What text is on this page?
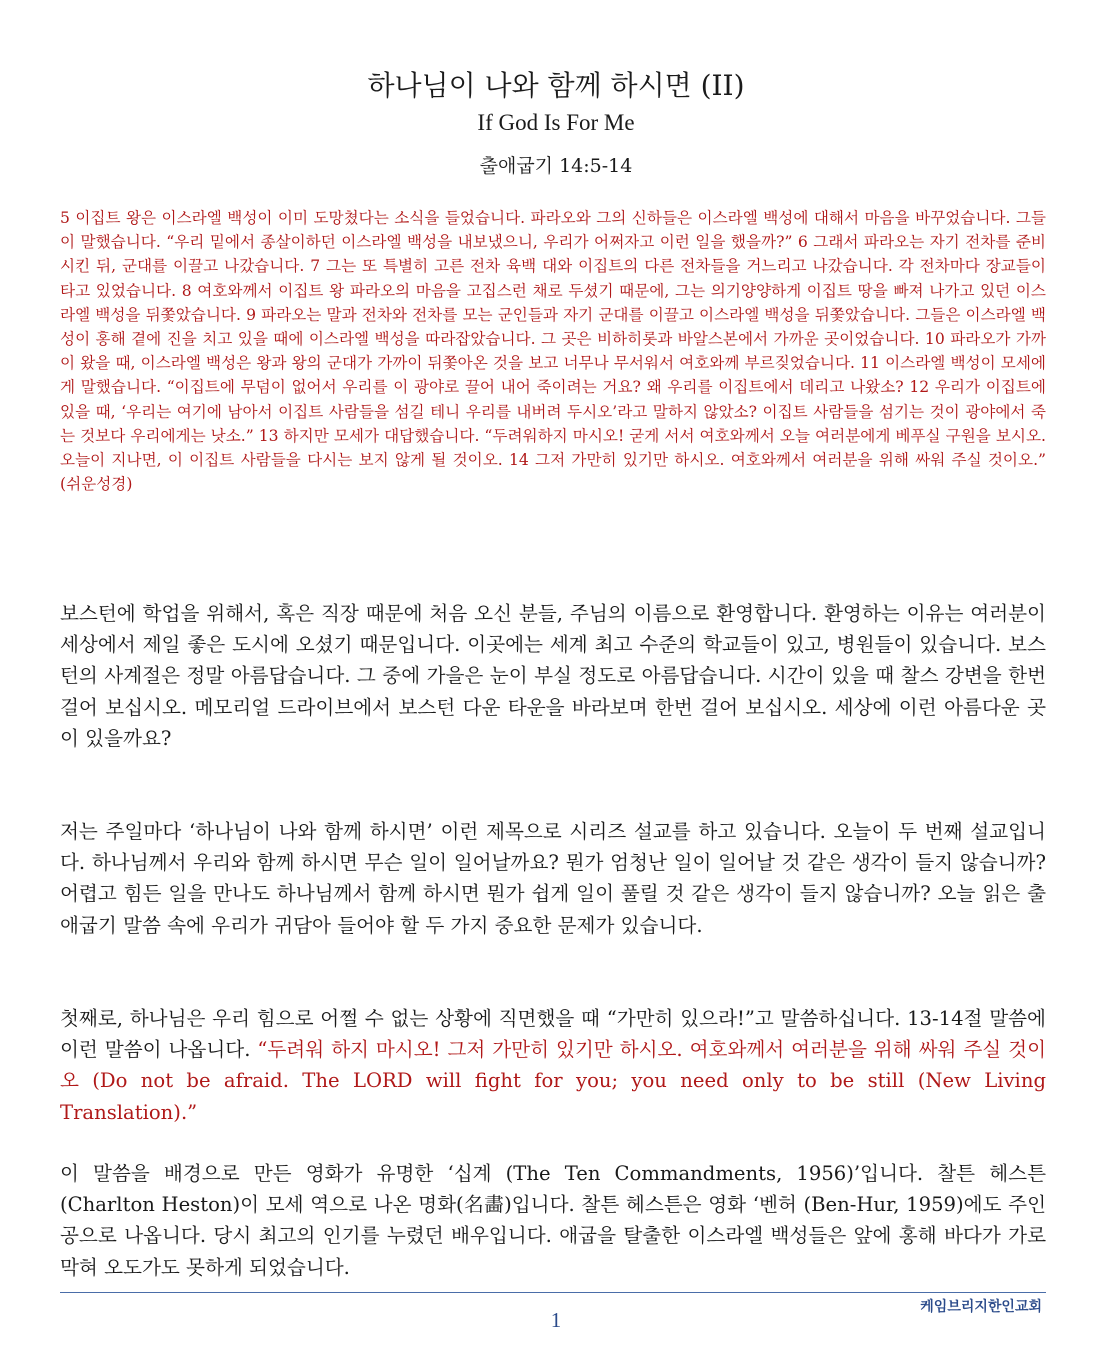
하나님이 나와 함께 하시면 (II)
If God Is For Me
출애굽기 14:5-14

5 이집트 왕은 이스라엘 백성이 이미 도망쳤다는 소식을 들었습니다. 파라오와 그의 신하들은 이스라엘 백성에 대해서 마음을 바꾸었습니다. 그들이 말했습니다. “우리 밑에서 종살이하던 이스라엘 백성을 내보냈으니, 우리가 어쩌자고 이런 일을 했을까?” 6 그래서 파라오는 자기 전차를 준비시킨 뒤, 군대를 이끌고 나갔습니다. 7 그는 또 특별히 고른 전차 육백 대와 이집트의 다른 전차들을 거느리고 나갔습니다. 각 전차마다 장교들이 타고 있었습니다. 8 여호와께서 이집트 왕 파라오의 마음을 고집스런 채로 두셨기 때문에, 그는 의기양양하게 이집트 땅을 빠져 나가고 있던 이스라엘 백성을 뒤쫓았습니다. 9 파라오는 말과 전차와 전차를 모는 군인들과 자기 군대를 이끌고 이스라엘 백성을 뒤쫓았습니다. 그들은 이스라엘 백성이 홍해 곁에 진을 치고 있을 때에 이스라엘 백성을 따라잡았습니다. 그 곳은 비하히롯과 바알스본에서 가까운 곳이었습니다. 10 파라오가 가까이 왔을 때, 이스라엘 백성은 왕과 왕의 군대가 가까이 뒤쫓아온 것을 보고 너무나 무서워서 여호와께 부르짖었습니다. 11 이스라엘 백성이 모세에게 말했습니다. “이집트에 무덤이 없어서 우리를 이 광야로 끌어 내어 죽이려는 거요? 왜 우리를 이집트에서 데리고 나왔소? 12 우리가 이집트에 있을 때, ‘우리는 여기에 남아서 이집트 사람들을 섬길 테니 우리를 내버려 두시오’라고 말하지 않았소? 이집트 사람들을 섬기는 것이 광야에서 죽는 것보다 우리에게는 낫소.” 13 하지만 모세가 대답했습니다. “두려워하지 마시오! 굳게 서서 여호와께서 오늘 여러분에게 베푸실 구원을 보시오. 오늘이 지나면, 이 이집트 사람들을 다시는 보지 않게 될 것이오. 14 그저 가만히 있기만 하시오. 여호와께서 여러분을 위해 싸워 주실 것이오.” (쉬운성경)

보스턴에 학업을 위해서, 혹은 직장 때문에 처음 오신 분들, 주님의 이름으로 환영합니다. 환영하는 이유는 여러분이 세상에서 제일 좋은 도시에 오셨기 때문입니다. 이곳에는 세계 최고 수준의 학교들이 있고, 병원들이 있습니다. 보스턴의 사계절은 정말 아름답습니다. 그 중에 가을은 눈이 부실 정도로 아름답습니다. 시간이 있을 때 찰스 강변을 한번 걸어 보십시오. 메모리얼 드라이브에서 보스턴 다운 타운을 바라보며 한번 걸어 보십시오. 세상에 이런 아름다운 곳이 있을까요?

저는 주일마다 ‘하나님이 나와 함께 하시면’ 이런 제목으로 시리즈 설교를 하고 있습니다. 오늘이 두 번째 설교입니다. 하나님께서 우리와 함께 하시면 무슨 일이 일어날까요? 뭔가 엄청난 일이 일어날 것 같은 생각이 들지 않습니까? 어렵고 힘든 일을 만나도 하나님께서 함께 하시면 뭔가 쉽게 일이 풀릴 것 같은 생각이 들지 않습니까? 오늘 읽은 출애굽기 말씀 속에 우리가 귀담아 들어야 할 두 가지 중요한 문제가 있습니다.

첫째로, 하나님은 우리 힘으로 어쩔 수 없는 상황에 직면했을 때 “가만히 있으라!”고 말씀하십니다. 13-14절 말씀에 이런 말씀이 나옵니다. “두려워 하지 마시오! 그저 가만히 있기만 하시오. 여호와께서 여러분을 위해 싸워 주실 것이오 (Do not be afraid. The LORD will fight for you; you need only to be still (New Living Translation).”

이 말씀을 배경으로 만든 영화가 유명한 ‘십계 (The Ten Commandments, 1956)’입니다. 찰튼 헤스튼 (Charlton Heston)이 모세 역으로 나온 명화(名畵)입니다. 찰튼 헤스튼은 영화 ‘벤허 (Ben-Hur, 1959)에도 주인공으로 나옵니다. 당시 최고의 인기를 누렸던 배우입니다. 애굽을 탈출한 이스라엘 백성들은 앞에 홍해 바다가 가로막혀 오도가도 못하게 되었습니다.

케임브리지한인교회
1
